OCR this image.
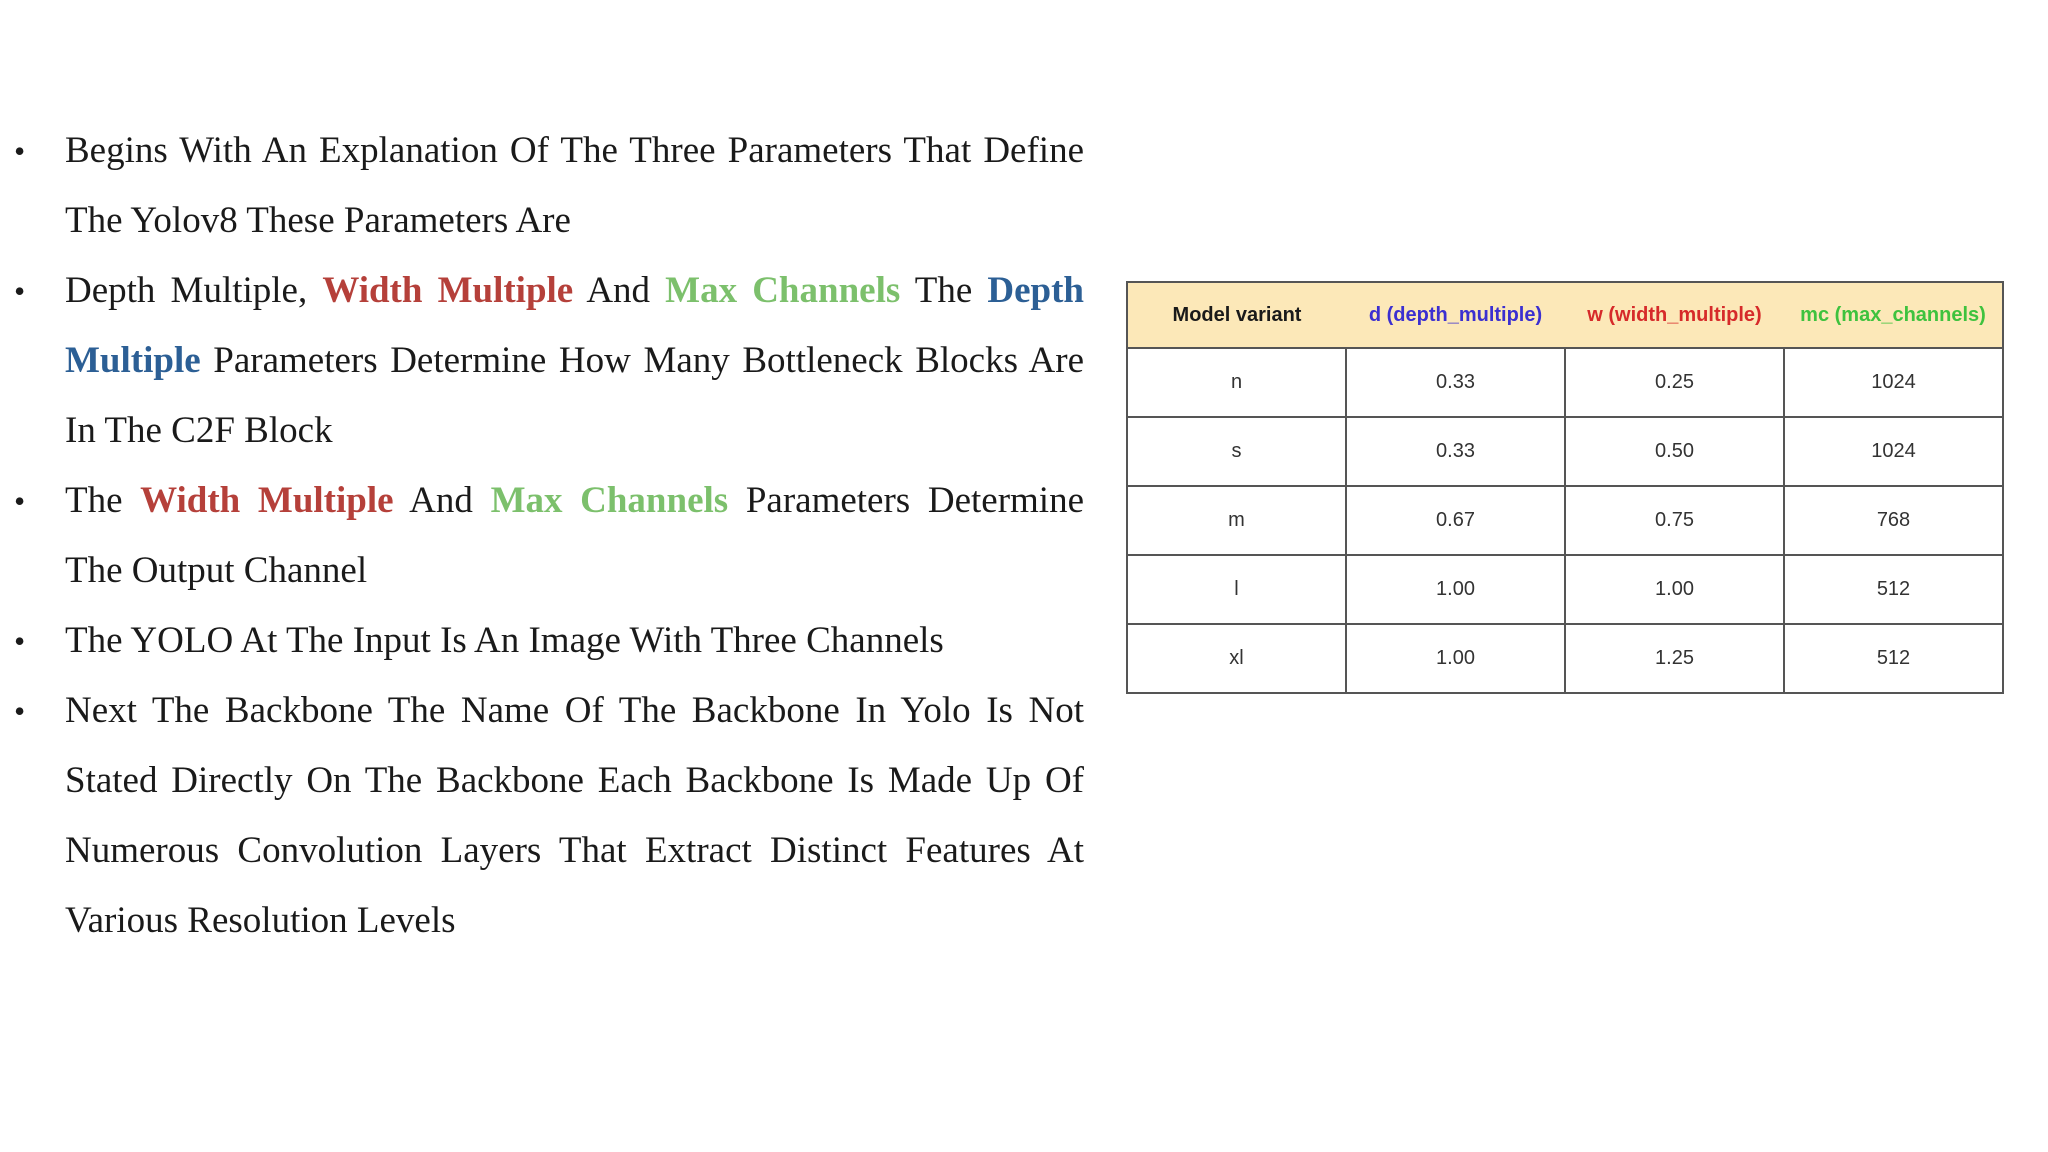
• Begins With An Explanation Of The Three Parameters That Define The Yolov8 These Parameters Are
• Depth Multiple, Width Multiple And Max Channels The Depth Multiple Parameters Determine How Many Bottleneck Blocks Are In The C2F Block
• The Width Multiple And Max Channels Parameters Determine The Output Channel
• The YOLO At The Input Is An Image With Three Channels
• Next The Backbone The Name Of The Backbone In Yolo Is Not Stated Directly On The Backbone Each Backbone Is Made Up Of Numerous Convolution Layers That Extract Distinct Features At Various Resolution Levels
Model variant	d (depth_multiple)	w (width_multiple)	mc (max_channels)
n	0.33	0.25	1024
s	0.33	0.50	1024
m	0.67	0.75	768
l	1.00	1.00	512
xl	1.00	1.25	512
